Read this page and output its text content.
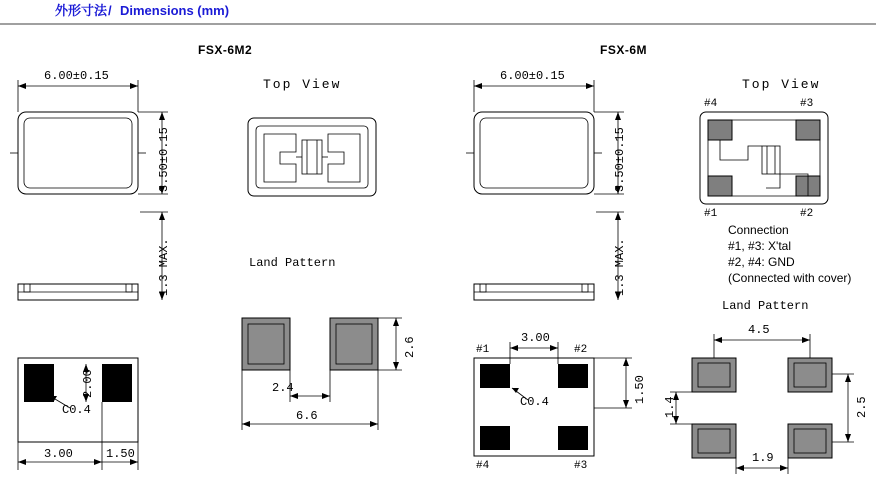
外形寸法 / Dimensions (mm)
FSX-6M2	FSX-6M
6.00±0.15
3.50±0.15
1.3 MAX.
Top View
Land Pattern
2.6
2.4
6.6
2.00
C0.4
3.00	1.50
6.00±0.15
3.50±0.15
1.3 MAX.
Top View
#4	#3
#1	#2
Connection
#1, #3: X'tal
#2, #4: GND
(Connected with cover)
3.00
1.50
C0.4
#1	#2
#4	#3
Land Pattern
4.5
2.5
1.4
1.9
